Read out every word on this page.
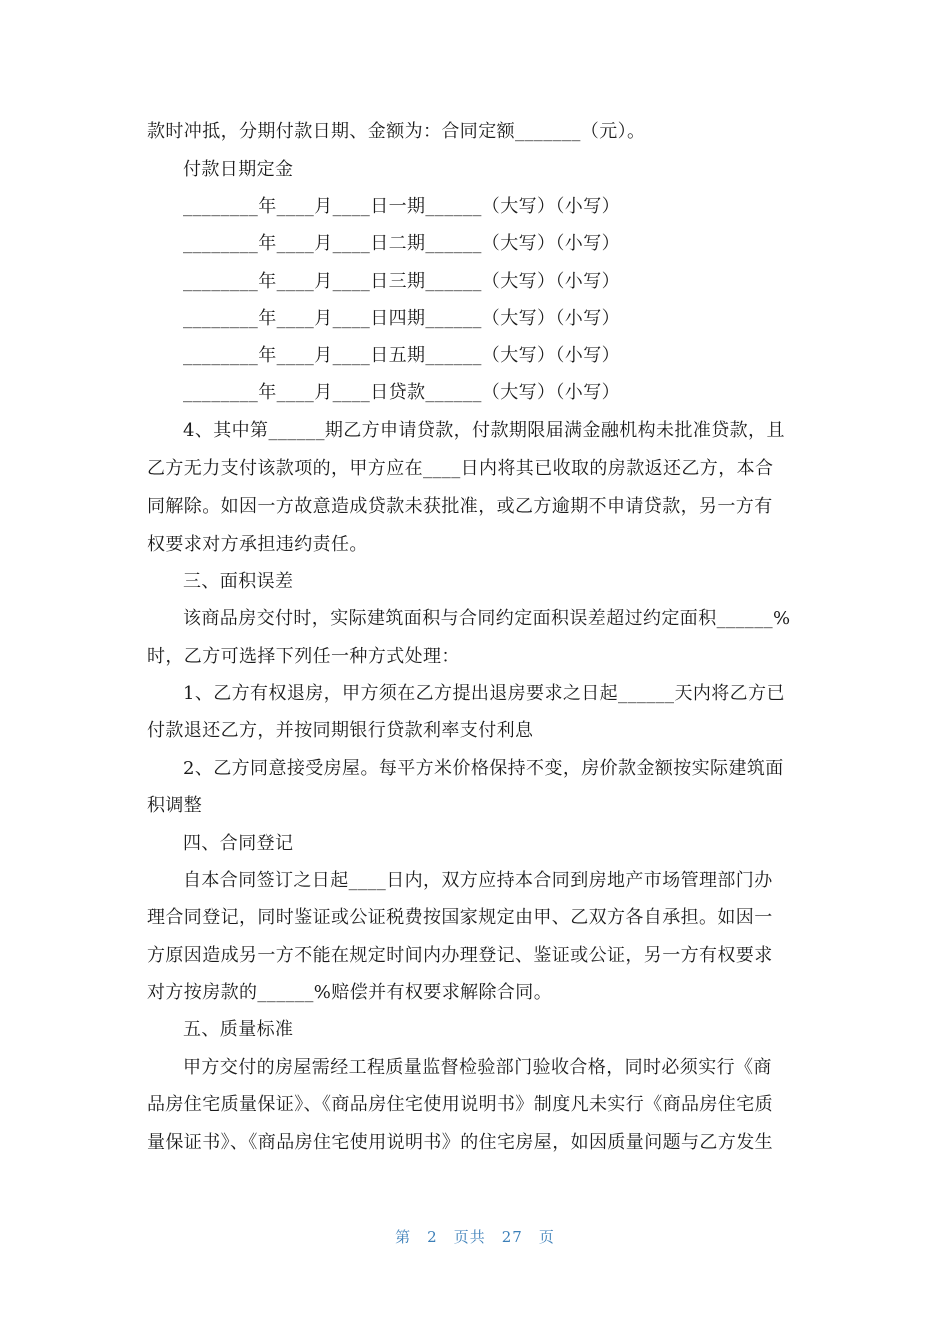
款时冲抵，分期付款日期、金额为：合同定额_______（元）。
付款日期定金
________年____月____日一期______（大写）（小写）
________年____月____日二期______（大写）（小写）
________年____月____日三期______（大写）（小写）
________年____月____日四期______（大写）（小写）
________年____月____日五期______（大写）（小写）
________年____月____日贷款______（大写）（小写）
4、其中第______期乙方申请贷款，付款期限届满金融机构未批准贷款，且
乙方无力支付该款项的，甲方应在____日内将其已收取的房款返还乙方，本合
同解除。如因一方故意造成贷款未获批准，或乙方逾期不申请贷款，另一方有
权要求对方承担违约责任。
三、面积误差
该商品房交付时，实际建筑面积与合同约定面积误差超过约定面积______%
时，乙方可选择下列任一种方式处理：
1、乙方有权退房，甲方须在乙方提出退房要求之日起______天内将乙方已
付款退还乙方，并按同期银行贷款利率支付利息
2、乙方同意接受房屋。每平方米价格保持不变，房价款金额按实际建筑面
积调整
四、合同登记
自本合同签订之日起____日内，双方应持本合同到房地产市场管理部门办
理合同登记，同时鉴证或公证税费按国家规定由甲、乙双方各自承担。如因一
方原因造成另一方不能在规定时间内办理登记、鉴证或公证，另一方有权要求
对方按房款的______%赔偿并有权要求解除合同。
五、质量标准
甲方交付的房屋需经工程质量监督检验部门验收合格，同时必须实行《商
品房住宅质量保证》、《商品房住宅使用说明书》制度凡未实行《商品房住宅质
量保证书》、《商品房住宅使用说明书》的住宅房屋，如因质量问题与乙方发生
第 2 页共 27 页
